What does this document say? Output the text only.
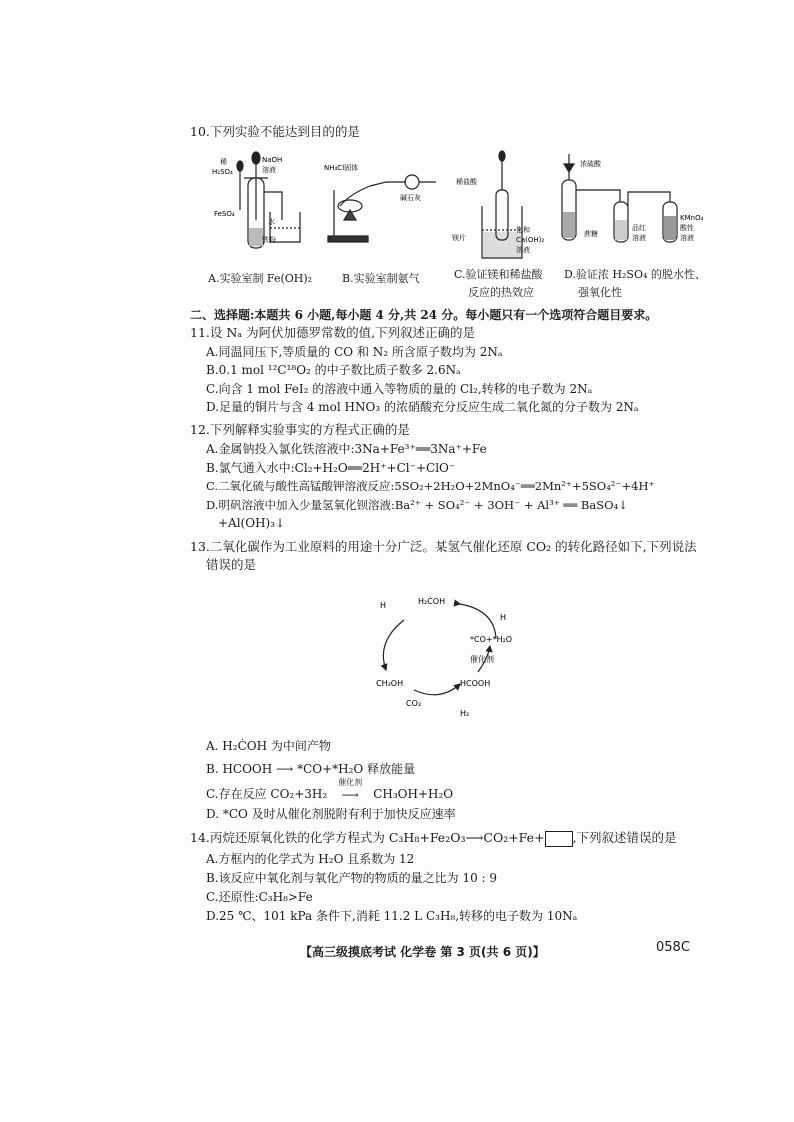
10.下列实验不能达到目的的是
稀
H₂SO₄
NaOH
溶液
FeSO₄
水
铁粉
NH₄Cl固体
碱石灰
稀盐酸
镁片
饱和
Ca(OH)₂
溶液
浓硫酸
蔗糖
品红
溶液
KMnO₄
酸性
溶液
A.实验室制 Fe(OH)₂	B.实验室制氨气	C.验证镁和稀盐酸
反应的热效应
D.验证浓 H₂SO₄ 的脱水性、
强氧化性
二、选择题:本题共 6 小题,每小题 4 分,共 24 分。每小题只有一个选项符合题目要求。
11.设 Nₐ 为阿伏加德罗常数的值,下列叙述正确的是
A.同温同压下,等质量的 CO 和 N₂ 所含原子数均为 2Nₐ
B.0.1 mol ¹²C¹⁸O₂ 的中子数比质子数多 2.6Nₐ
C.向含 1 mol FeI₂ 的溶液中通入等物质的量的 Cl₂,转移的电子数为 2Nₐ
D.足量的铜片与含 4 mol HNO₃ 的浓硝酸充分反应生成二氧化氮的分子数为 2Nₐ
12.下列解释实验事实的方程式正确的是
A.金属钠投入氯化铁溶液中:3Na+Fe³⁺══3Na⁺+Fe
B.氯气通入水中:Cl₂+H₂O══2H⁺+Cl⁻+ClO⁻
C.二氧化硫与酸性高锰酸钾溶液反应:5SO₂+2H₂O+2MnO₄⁻══2Mn²⁺+5SO₄²⁻+4H⁺
D.明矾溶液中加入少量氢氧化钡溶液:Ba²⁺ + SO₄²⁻ + 3OH⁻ + Al³⁺ ══ BaSO₄↓
+Al(OH)₃↓
13.二氧化碳作为工业原料的用途十分广泛。某氢气催化还原 CO₂ 的转化路径如下,下列说法
错误的是
H	H₂ĊOH
H
*CO+*H₂O
催化剂
CH₃OH	HCOOH
CO₂
H₂
A. H₂ĊOH 为中间产物
B. HCOOH ⟶ *CO+*H₂O 释放能量
C.存在反应 CO₂+3H₂
催化剂
⟶ CH₃OH+H₂O
D. *CO 及时从催化剂脱附有利于加快反应速率
14.丙烷还原氧化铁的化学方程式为 C₃H₈+Fe₂O₃⟶CO₂+Fe+ ,下列叙述错误的是
A.方框内的化学式为 H₂O 且系数为 12
B.该反应中氧化剂与氧化产物的物质的量之比为 10 : 9
C.还原性:C₃H₈>Fe
D.25 ℃、101 kPa 条件下,消耗 11.2 L C₃H₈,转移的电子数为 10Nₐ
【高三级摸底考试 化学卷 第 3 页(共 6 页)】	058C
